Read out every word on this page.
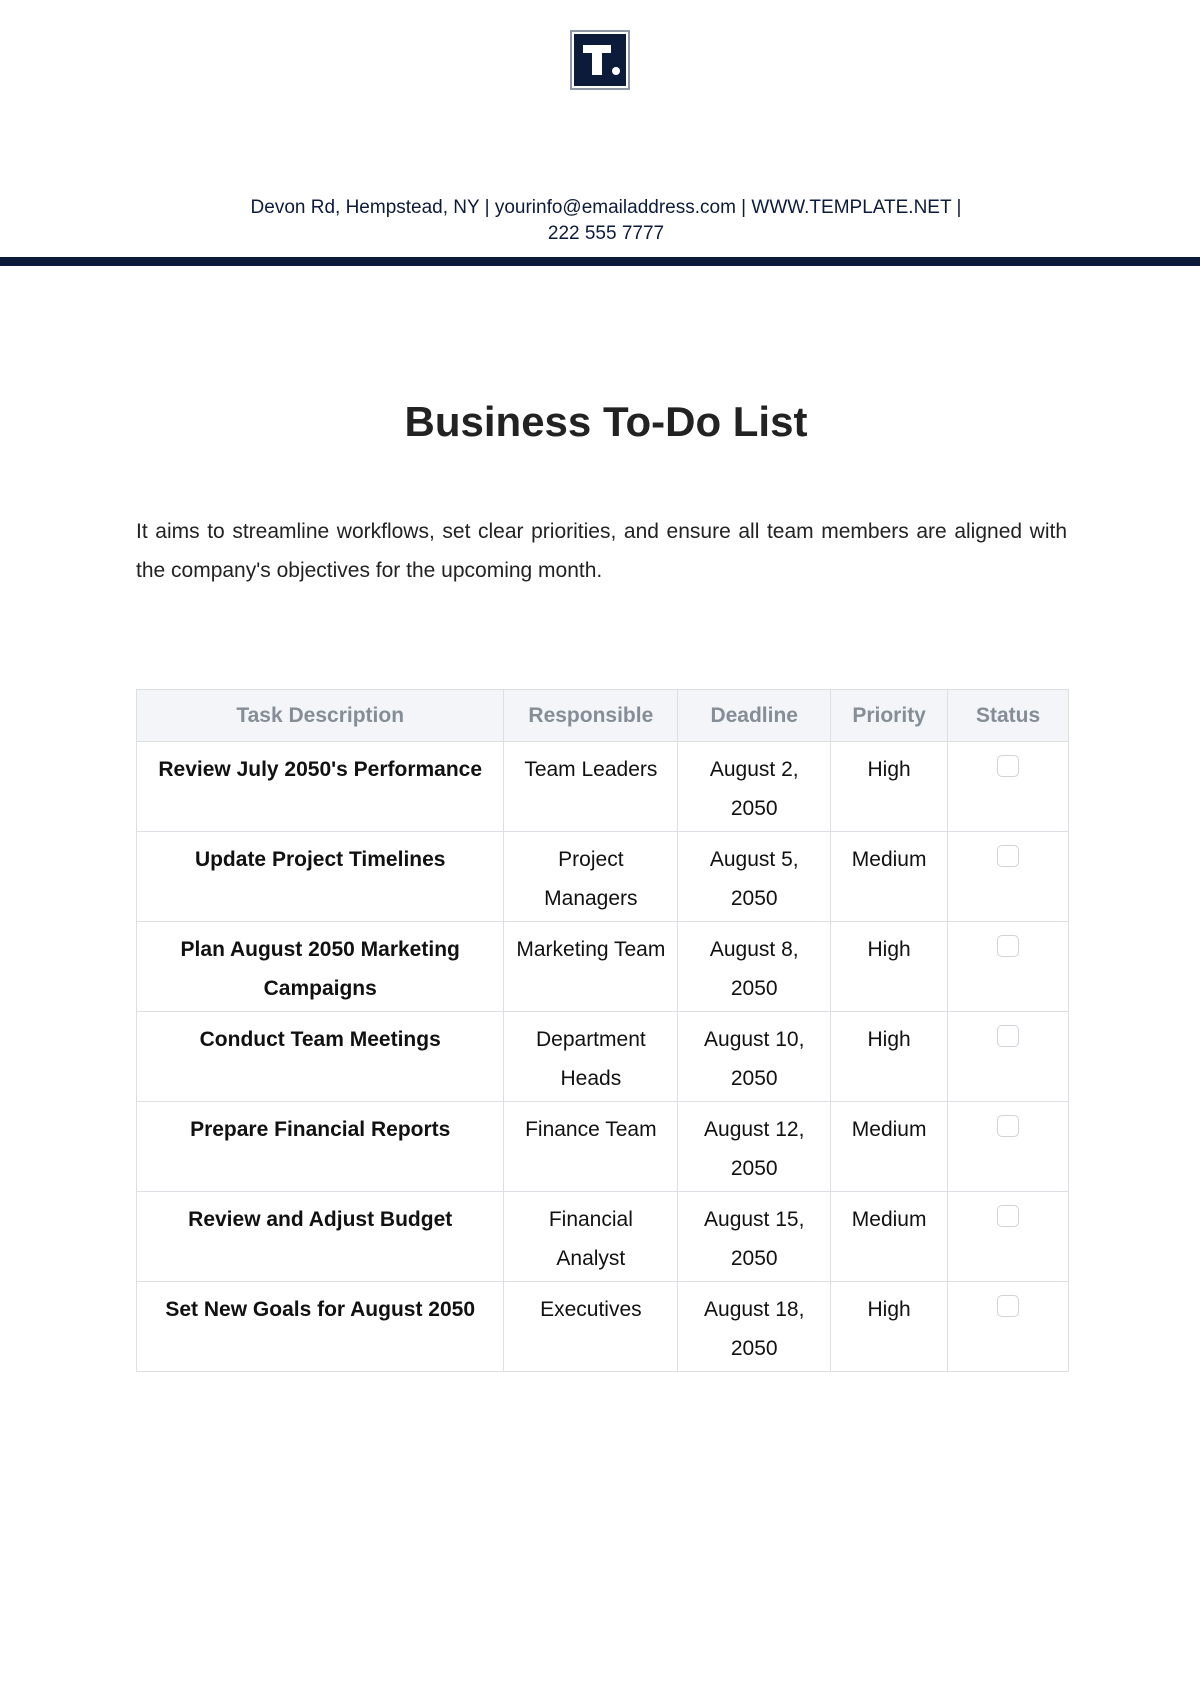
Devon Rd, Hempstead, NY | yourinfo@emailaddress.com | WWW.TEMPLATE.NET |
222 555 7777
Business To-Do List

It aims to streamline workflows, set clear priorities, and ensure all team members are aligned with the company's objectives for the upcoming month.

Task Description	Responsible	Deadline	Priority	Status
Review July 2050's Performance	Team Leaders	August 2, 2050	High	
Update Project Timelines	Project Managers	August 5, 2050	Medium	
Plan August 2050 Marketing Campaigns	Marketing Team	August 8, 2050	High	
Conduct Team Meetings	Department Heads	August 10, 2050	High	
Prepare Financial Reports	Finance Team	August 12, 2050	Medium	
Review and Adjust Budget	Financial Analyst	August 15, 2050	Medium	
Set New Goals for August 2050	Executives	August 18, 2050	High	
